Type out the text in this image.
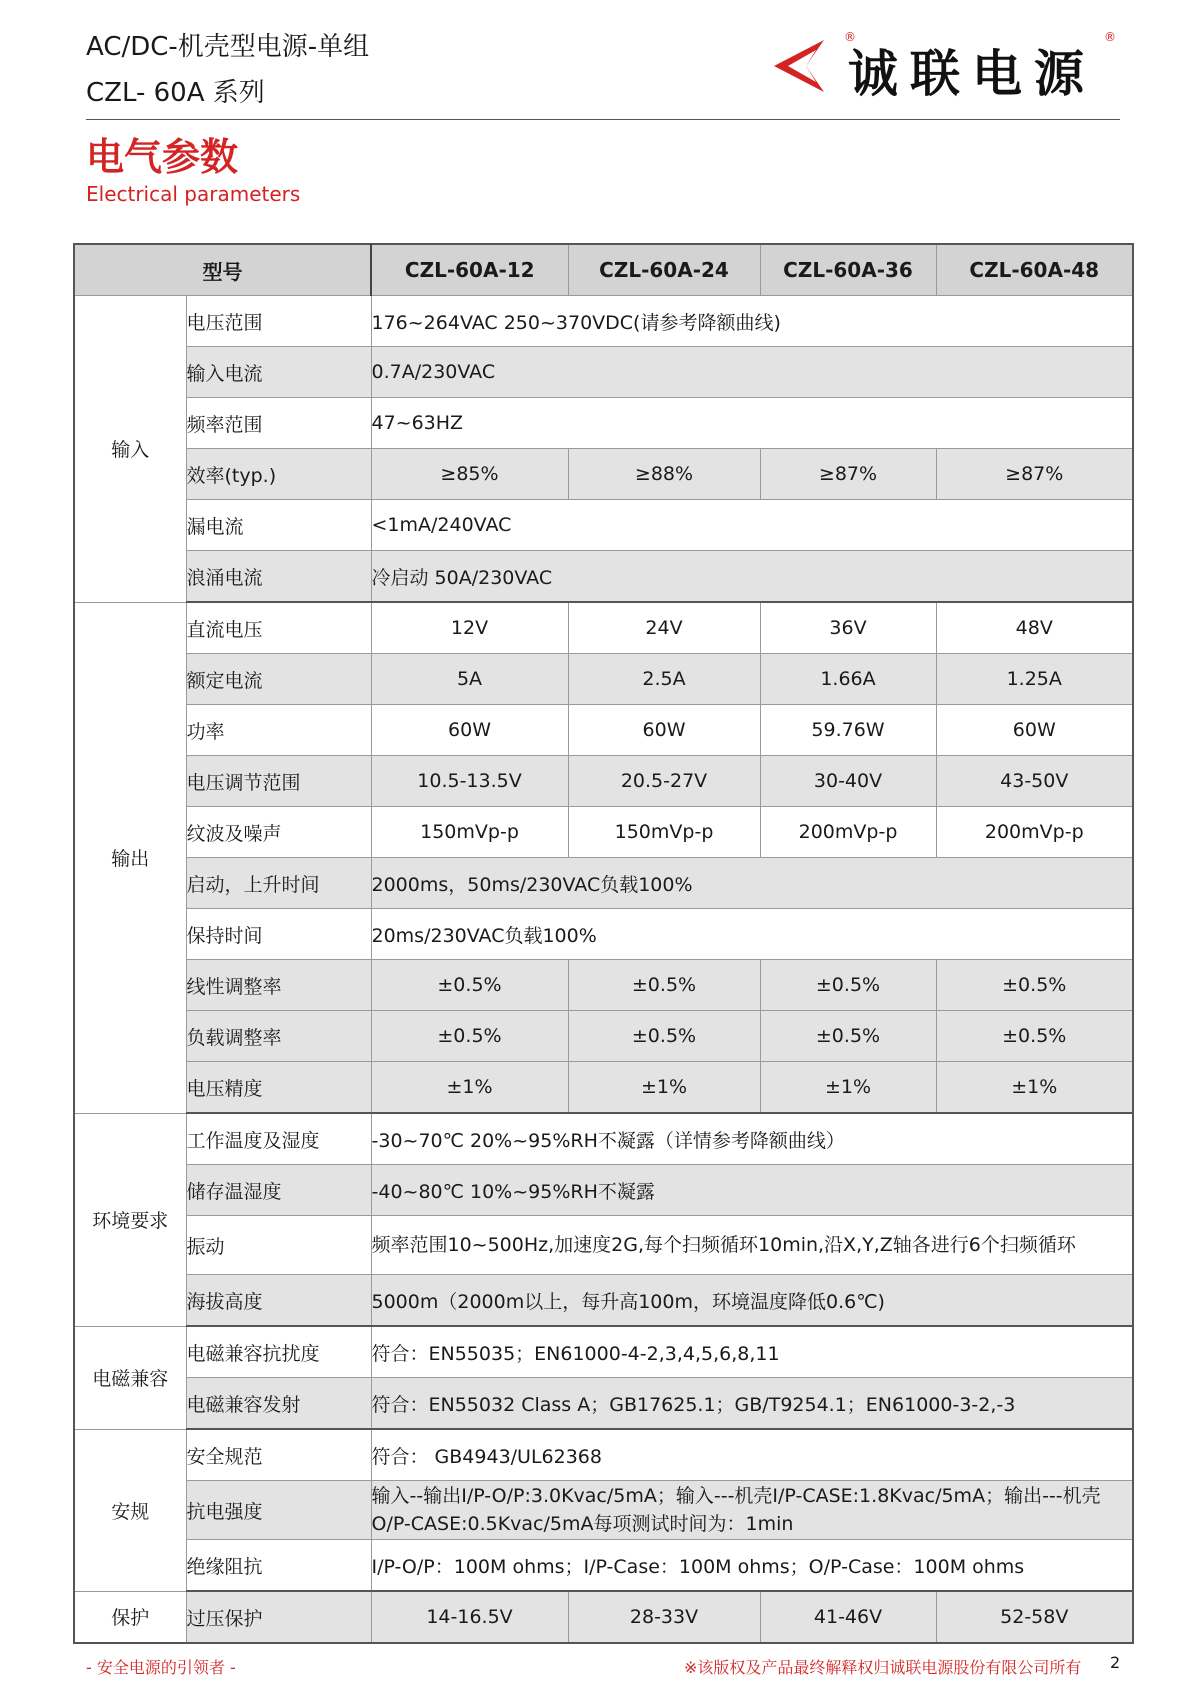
AC/DC-机壳型电源-单组
CZL- 60A 系列	诚联电源
®	®
电气参数
Electrical parameters
型号		CZL-60A-12	CZL-60A-24	CZL-60A-36	CZL-60A-48
输入	电压范围	176~264VAC 250~370VDC(请参考降额曲线)			
	输入电流	0.7A/230VAC			
	频率范围	47~63HZ			
	效率(typ.)	≥85%	≥88%	≥87%	≥87%
	漏电流	<1mA/240VAC			
	浪涌电流	冷启动 50A/230VAC			
输出	直流电压	12V	24V	36V	48V
	额定电流	5A	2.5A	1.66A	1.25A
	功率	60W	60W	59.76W	60W
	电压调节范围	10.5-13.5V	20.5-27V	30-40V	43-50V
	纹波及噪声	150mVp-p	150mVp-p	200mVp-p	200mVp-p
	启动，上升时间	2000ms，50ms/230VAC负载100%			
	保持时间	20ms/230VAC负载100%			
	线性调整率	±0.5%	±0.5%	±0.5%	±0.5%
	负载调整率	±0.5%	±0.5%	±0.5%	±0.5%
	电压精度	±1%	±1%	±1%	±1%
环境要求	工作温度及湿度	-30~70℃ 20%~95%RH不凝露（详情参考降额曲线）			
	储存温湿度	-40~80℃ 10%~95%RH不凝露			
	振动	频率范围10~500Hz,加速度2G,每个扫频循环10min,沿X,Y,Z轴各进行6个扫频循环			
	海拔高度	5000m（2000m以上，每升高100m，环境温度降低0.6℃)			
电磁兼容	电磁兼容抗扰度	符合：EN55035；EN61000-4-2,3,4,5,6,8,11			
	电磁兼容发射	符合：EN55032 Class A；GB17625.1；GB/T9254.1；EN61000-3-2,-3			
安规	安全规范	符合： GB4943/UL62368			
	抗电强度	输入--输出I/P-O/P:3.0Kvac/5mA；输入---机壳I/P-CASE:1.8Kvac/5mA；输出---机壳O/P-CASE:0.5Kvac/5mA每项测试时间为：1min			
	绝缘阻抗	I/P-O/P：100M ohms；I/P-Case：100M ohms；O/P-Case：100M ohms			
保护	过压保护	14-16.5V	28-33V	41-46V	52-58V
- 安全电源的引领者 -	※该版权及产品最终解释权归诚联电源股份有限公司所有 2
